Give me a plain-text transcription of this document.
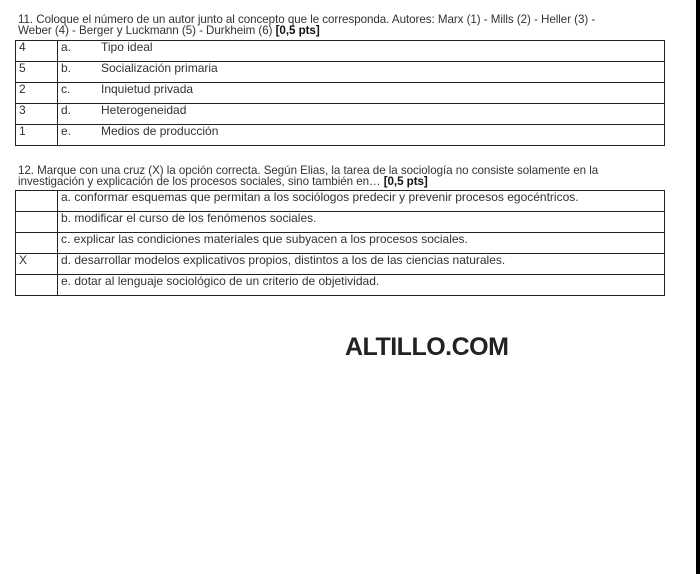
11. Coloque el número de un autor junto al concepto que le corresponda. Autores: Marx (1) - Mills (2) - Heller (3) -
Weber (4) - Berger y Luckmann (5) - Durkheim (6) [0,5 pts]
4	a. Tipo ideal
5	b. Socialización primaria
2	c. Inquietud privada
3	d. Heterogeneidad
1	e. Medios de producción
12. Marque con una cruz (X) la opción correcta. Según Elias, la tarea de la sociología no consiste solamente en la
investigación y explicación de los procesos sociales, sino también en… [0,5 pts]
	a. conformar esquemas que permitan a los sociólogos predecir y prevenir procesos egocéntricos.
	b. modificar el curso de los fenómenos sociales.
	c. explicar las condiciones materiales que subyacen a los procesos sociales.
X	d. desarrollar modelos explicativos propios, distintos a los de las ciencias naturales.
	e. dotar al lenguaje sociológico de un criterio de objetividad.
ALTILLO.COM
